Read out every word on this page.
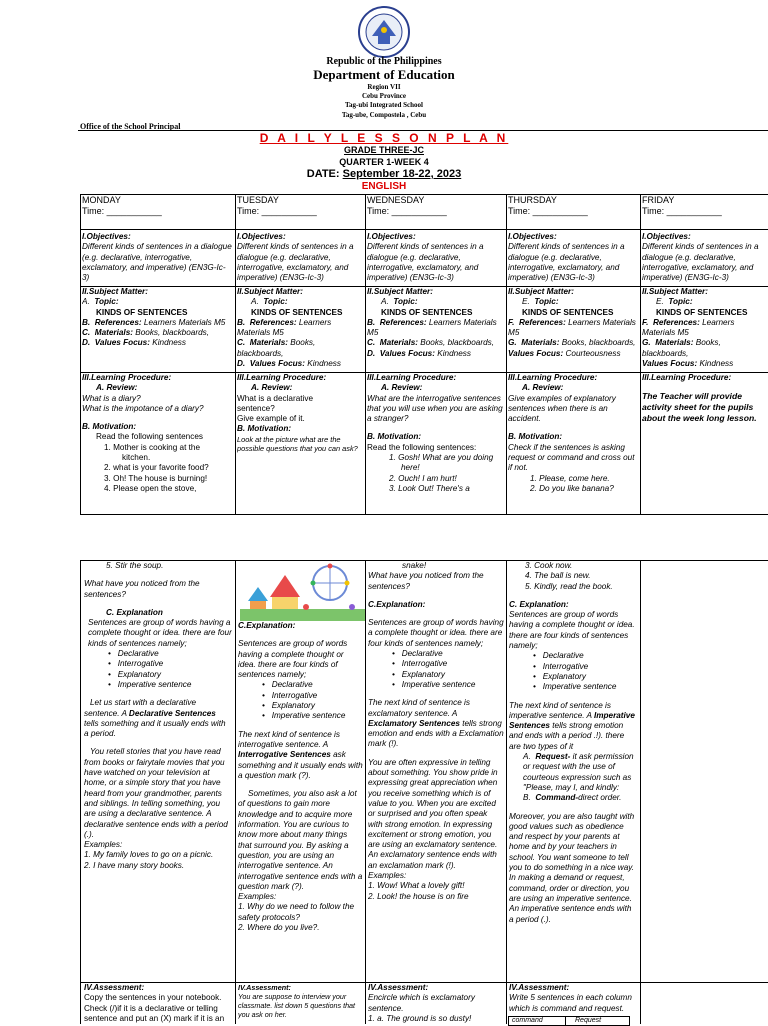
Republic of the Philippines
Department of Education
Region VII
Cebu Province
Tag-ubi Integrated School
Tag-ube, Compostela , Cebu
Office of the School Principal
D A I L Y L E S S O N P L A N
GRADE THREE-JC
QUARTER 1-WEEK 4
DATE: September 18-22, 2023
ENGLISH
MONDAY
Time: ___________
TUESDAY
Time: ___________
WEDNESDAY
Time: ___________
THURSDAY
Time: ___________
FRIDAY
Time: ___________
I.Objectives:
Different kinds of sentences in a dialogue (e.g. declarative, interrogative, exclamatory, and imperative) (EN3G-Ic-3)
I.Objectives:
Different kinds of sentences in a dialogue (e.g. declarative, interrogative, exclamatory, and imperative) (EN3G-Ic-3)
I.Objectives:
Different kinds of sentences in a dialogue (e.g. declarative, interrogative, exclamatory, and imperative) (EN3G-Ic-3)
I.Objectives:
Different kinds of sentences in a dialogue (e.g. declarative, interrogative, exclamatory, and imperative) (EN3G-Ic-3)
I.Objectives:
Different kinds of sentences in a dialogue (e.g. declarative, interrogative, exclamatory, and imperative) (EN3G-Ic-3)
II.Subject Matter:
A. Topic:
KINDS OF SENTENCES
B. References: Learners Materials M5
C. Materials: Books, blackboards,
D. Values Focus: Kindness
II.Subject Matter:
A. Topic:
KINDS OF SENTENCES
B. References: Learners Materials M5
C. Materials: Books, blackboards,
D. Values Focus: Kindness
II.Subject Matter:
A. Topic:
KINDS OF SENTENCES
B. References: Learners Materials M5
C. Materials: Books, blackboards,
D. Values Focus: Kindness
II.Subject Matter:
E. Topic:
KINDS OF SENTENCES
F. References: Learners Materials M5
G. Materials: Books, blackboards,
Values Focus: Courteousness
II.Subject Matter:
E. Topic:
KINDS OF SENTENCES
F. References: Learners Materials M5
G. Materials: Books, blackboards,
Values Focus: Kindness
III.Learning Procedure:
A. Review:
What is a diary?
What is the impotance of a diary?
B. Motivation:
Read the following sentences
1. Mother is cooking at the
kitchen.
2. what is your favorite food?
3. Oh! The house is burning!
4. Please open the stove,
III.Learning Procedure:
A. Review:
What is a declarative
sentence?
Give example of it.
B. Motivation:
Look at the picture what are the possible questions that you can ask?
III.Learning Procedure:
A. Review:
What are the interrogative sentences that you will use when you are asking a stranger?
B. Motivation:
Read the following sentences:
1. Gosh! What are you doing
here!
2. Ouch! I am hurt!
3. Look Out! There's a
III.Learning Procedure:
A. Review:
Give examples of explanatory sentences when there is an accident.
B. Motivation:
Check if the sentences is asking request or command and cross out if not.
1. Please, come here.
2. Do you like banana?
III.Learning Procedure:
The Teacher will provide activity sheet for the pupils about the week long lesson.
5. Stir the soup.
What have you noticed from the sentences?
C. Explanation
Sentences are group of words having a complete thought or idea. there are four kinds of sentences namely;
•   Declarative
•   Interrogative
•   Explanatory
•   Imperative sentence
Let us start with a declarative sentence. A Declarative Sentences tells something and it usually ends with a period.
You retell stories that you have read from books or fairytale movies that you have watched on your television at home, or a simple story that you have heard from your grandmother, parents and siblings. In telling something, you are using a declarative sentence. A declarative sentence ends with a period (.).
Examples:
1. My family loves to go on a picnic.
2. I have many story books.
C.Explanation:
Sentences are group of words having a complete thought or idea. there are four kinds of sentences namely;
•   Declarative
•   Interrogative
•   Explanatory
•   Imperative sentence
The next kind of sentence is interrogative sentence. A Interrogative Sentences ask something and it usually ends with a question mark (?).
Sometimes, you also ask a lot of questions to gain more knowledge and to acquire more information. You are curious to know more about many things that surround you. By asking a question, you are using an interrogative sentence. An interrogative sentence ends with a question mark (?).
Examples:
1. Why do we need to follow the safety protocols?
2. Where do you live?.
snake!
What have you noticed from the sentences?
C.Explanation:
Sentences are group of words having a complete thought or idea. there are four kinds of sentences namely;
•   Declarative
•   Interrogative
•   Explanatory
•   Imperative sentence
The next kind of sentence is exclamatory sentence. A Exclamatory Sentences tells strong emotion and ends with a Exclamation mark (!).
You are often expressive in telling about something. You show pride in expressing great appreciation when you receive something which is of value to you. When you are excited or surprised and you often speak with strong emotion. In expressing excitement or strong emotion, you are using an exclamatory sentence. An exclamatory sentence ends with an exclamation mark (!).
Examples:
1. Wow! What a lovely gift!
2. Look! the house is on fire
3. Cook now.
4. The ball is new.
5. Kindly, read the book.
C. Explanation:
Sentences are group of words having a complete thought or idea. there are four kinds of sentences namely;
•   Declarative
•   Interrogative
•   Explanatory
•   Imperative sentence
The next kind of sentence is imperative sentence. A Imperative Sentences tells strong emotion and ends with a period .!). there are two types of it
A. Request- it ask permission or request with the use of courteous expression such as "Please, may I, and kindly:
B. Command-direct order.
Moreover, you are also taught with good values such as obedience and respect by your parents at home and by your teachers in school. You want someone to tell you to do something in a nice way. In making a demand or request, command, order or direction, you are using an imperative sentence. An imperative sentence ends with a period (.).
IV.Assessment:
Copy the sentences in your notebook. Check (/)if it is a declarative or telling sentence and put an (X) mark if it is an
IV.Assessment:
You are suppose to interview your classmate. list down 5 questions that you ask on her.
IV.Assessment:
Encircle which is exclamatory sentence.
1. a. The ground is so dusty!
IV.Assessment:
Write 5 sentences in each column which is command and request.
command	Request
